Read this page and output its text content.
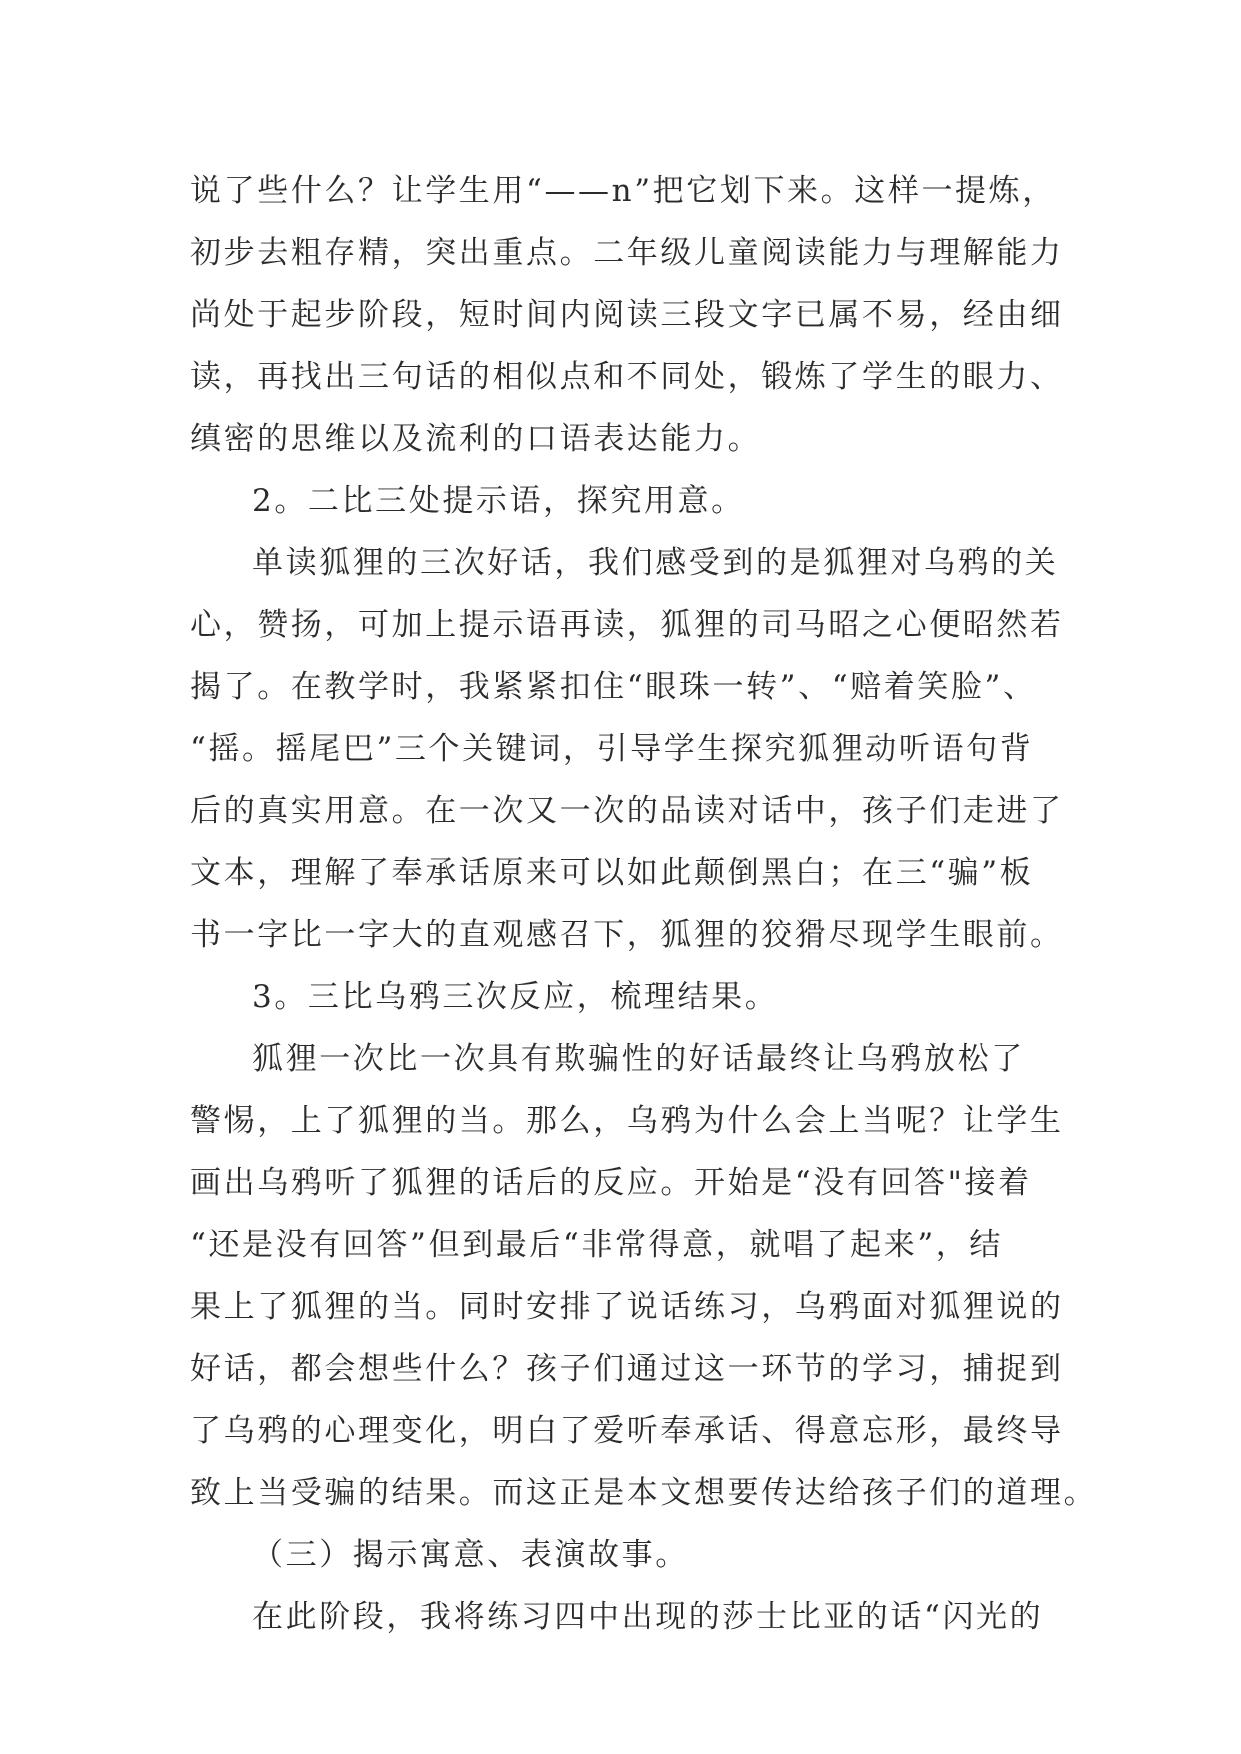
说了些什么？让学生用“——n”把它划下来。这样一提炼，
初步去粗存精，突出重点。二年级儿童阅读能力与理解能力
尚处于起步阶段，短时间内阅读三段文字已属不易，经由细
读，再找出三句话的相似点和不同处，锻炼了学生的眼力、
缜密的思维以及流利的口语表达能力。
2。二比三处提示语，探究用意。
单读狐狸的三次好话，我们感受到的是狐狸对乌鸦的关
心，赞扬，可加上提示语再读，狐狸的司马昭之心便昭然若
揭了。在教学时，我紧紧扣住“眼珠一转”、“赔着笑脸”、
“摇。摇尾巴”三个关键词，引导学生探究狐狸动听语句背
后的真实用意。在一次又一次的品读对话中，孩子们走进了
文本，理解了奉承话原来可以如此颠倒黑白；在三“骗”板
书一字比一字大的直观感召下，狐狸的狡猾尽现学生眼前。
3。三比乌鸦三次反应，梳理结果。
狐狸一次比一次具有欺骗性的好话最终让乌鸦放松了
警惕，上了狐狸的当。那么，乌鸦为什么会上当呢？让学生
画出乌鸦听了狐狸的话后的反应。开始是“没有回答"接着
“还是没有回答”但到最后“非常得意，就唱了起来”，结
果上了狐狸的当。同时安排了说话练习，乌鸦面对狐狸说的
好话，都会想些什么？孩子们通过这一环节的学习，捕捉到
了乌鸦的心理变化，明白了爱听奉承话、得意忘形，最终导
致上当受骗的结果。而这正是本文想要传达给孩子们的道理。
（三）揭示寓意、表演故事。
在此阶段，我将练习四中出现的莎士比亚的话“闪光的
